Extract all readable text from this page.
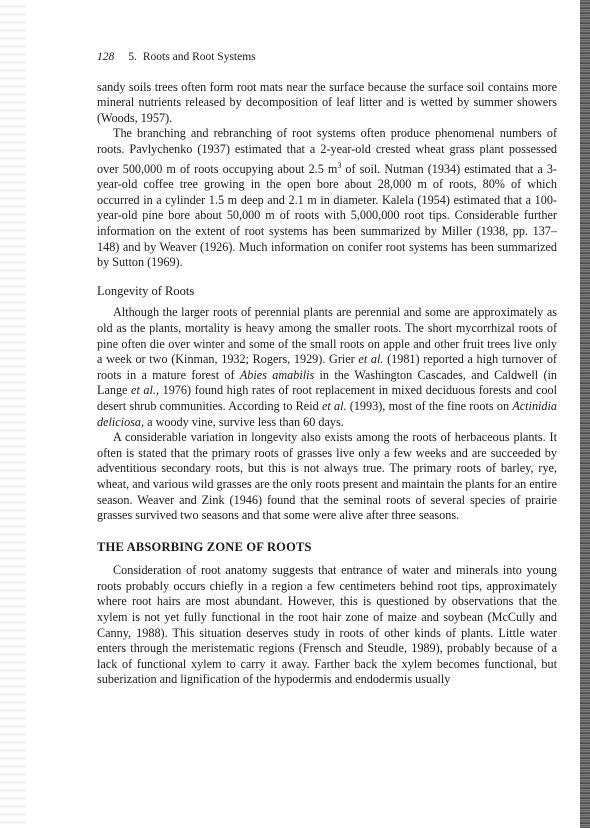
128 5. Roots and Root Systems

sandy soils trees often form root mats near the surface because the surface soil contains more mineral nutrients released by decomposition of leaf litter and is wetted by summer showers (Woods, 1957).

The branching and rebranching of root systems often produce phenomenal numbers of roots. Pavlychenko (1937) estimated that a 2-year-old crested wheat grass plant possessed over 500,000 m of roots occupying about 2.5 $m^3$ of soil. Nutman (1934) estimated that a 3-year-old coffee tree growing in the open bore about 28,000 m of roots, 80% of which occurred in a cylinder 1.5 m deep and 2.1 m in diameter. Kalela (1954) estimated that a 100-year-old pine bore about 50,000 m of roots with 5,000,000 root tips. Considerable further information on the extent of root systems has been summarized by Miller (1938, pp. 137–148) and by Weaver (1926). Much information on conifer root systems has been summarized by Sutton (1969).

Longevity of Roots

Although the larger roots of perennial plants are perennial and some are approximately as old as the plants, mortality is heavy among the smaller roots. The short mycorrhizal roots of pine often die over winter and some of the small roots on apple and other fruit trees live only a week or two (Kinman, 1932; Rogers, 1929). Grier et al. (1981) reported a high turnover of roots in a mature forest of Abies amabilis in the Washington Cascades, and Caldwell (in Lange et al., 1976) found high rates of root replacement in mixed deciduous forests and cool desert shrub communities. According to Reid et al. (1993), most of the fine roots on Actinidia deliciosa, a woody vine, survive less than 60 days.

A considerable variation in longevity also exists among the roots of herbaceous plants. It often is stated that the primary roots of grasses live only a few weeks and are succeeded by adventitious secondary roots, but this is not always true. The primary roots of barley, rye, wheat, and various wild grasses are the only roots present and maintain the plants for an entire season. Weaver and Zink (1946) found that the seminal roots of several species of prairie grasses survived two seasons and that some were alive after three seasons.

THE ABSORBING ZONE OF ROOTS

Consideration of root anatomy suggests that entrance of water and minerals into young roots probably occurs chiefly in a region a few centimeters behind root tips, approximately where root hairs are most abundant. However, this is questioned by observations that the xylem is not yet fully functional in the root hair zone of maize and soybean (McCully and Canny, 1988). This situation deserves study in roots of other kinds of plants. Little water enters through the meristematic regions (Frensch and Steudle, 1989), probably because of a lack of functional xylem to carry it away. Farther back the xylem becomes functional, but suberization and lignification of the hypodermis and endodermis usually
